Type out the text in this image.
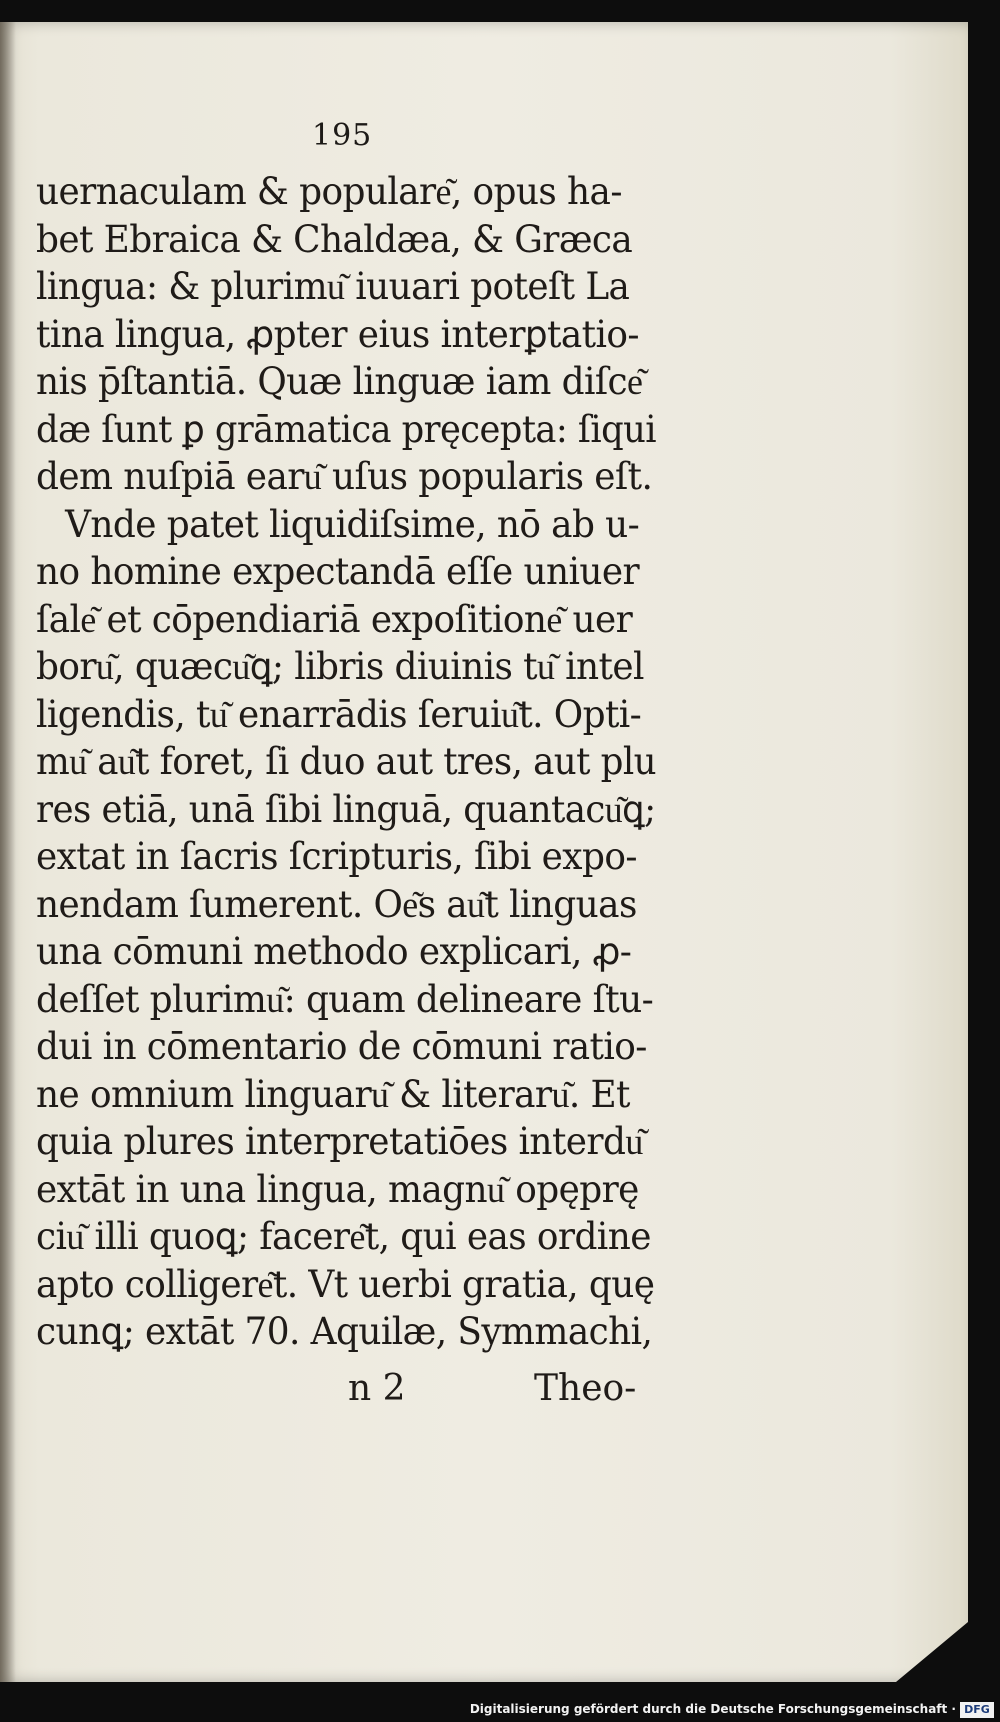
195
uernaculam & populare͂, opus ha-
bet Ebraica & Chaldæa, & Græca
lingua: & plurimu͂ iuuari poteſt La
tina lingua, ꝓpter eius interꝑtatio-
nis p̄ſtantiā. Quæ linguæ iam diſce͂
dæ ſunt ꝑ grāmatica pręcepta: ſiqui
dem nuſpiā earu͂ uſus popularis eſt.
Vnde patet liquidiſsime, nō ab u-
no homine expectandā eſſe uniuer
ſale͂ et cōpendiariā expoſitione͂ uer
boru͂, quæcu͂ꝗ; libris diuinis tu͂ intel
ligendis, tu͂ enarrādis ſeruiu͂t. Opti-
mu͂ au͂t foret, ſi duo aut tres, aut plu
res etiā, unā ſibi linguā, quantacu͂ꝗ;
extat in ſacris ſcripturis, ſibi expo-
nendam ſumerent. Oe͂s au͂t linguas
una cōmuni methodo explicari, ꝓ-
deſſet plurimu͂: quam delineare ſtu-
dui in cōmentario de cōmuni ratio-
ne omnium linguaru͂ & literaru͂. Et
quia plures interpretatiōes interdu͂
extāt in una lingua, magnu͂ opęprę
ciu͂ illi quoꝗ; facere͂t, qui eas ordine
apto colligere͂t. Vt uerbi gratia, quę
cunꝗ; extāt 70. Aquilæ, Symmachi,
n 2	Theo-
Digitalisierung gefördert durch die Deutsche Forschungsgemeinschaft · DFG
